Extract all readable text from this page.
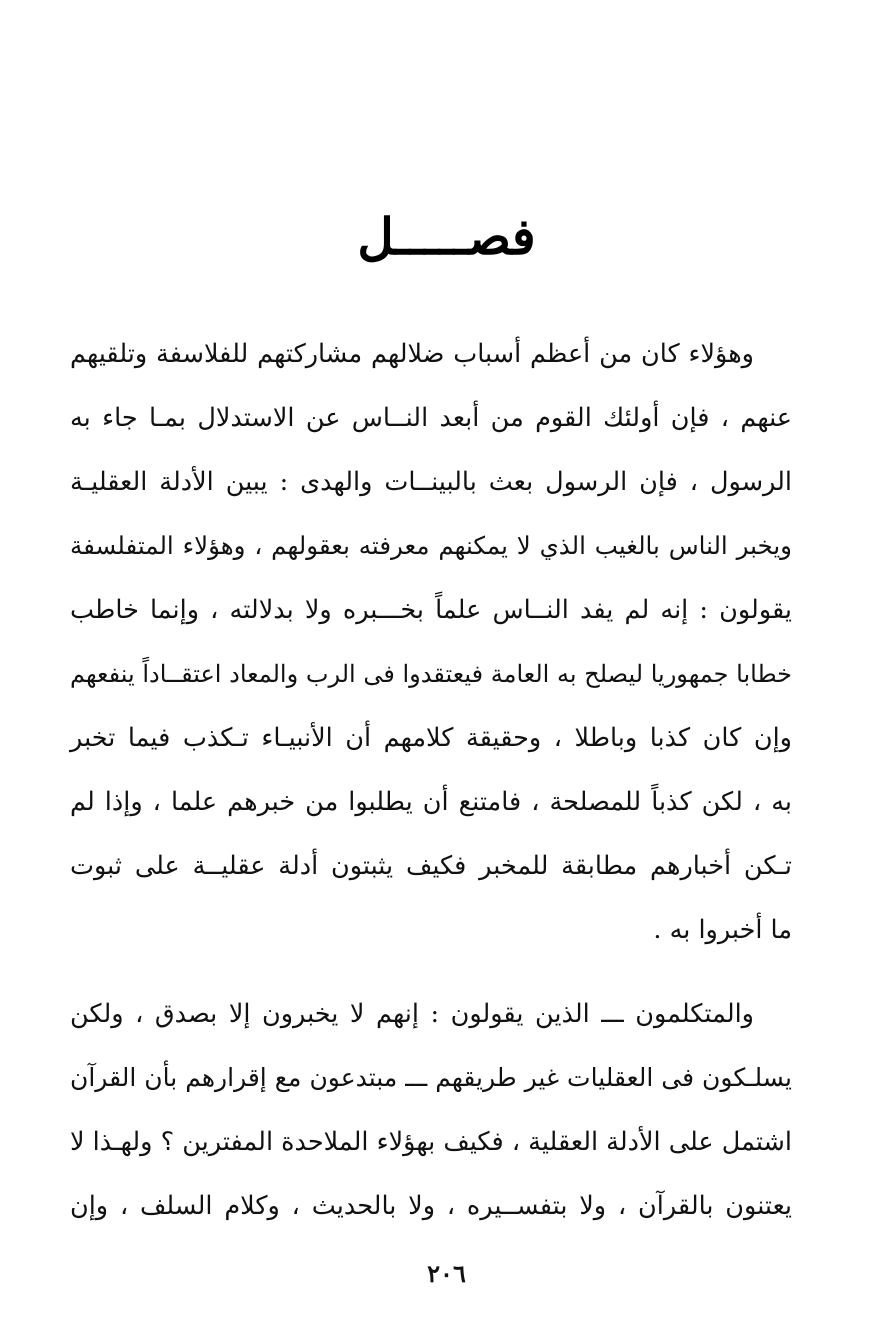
فصـــــل

وهؤلاء كان من أعظم أسباب ضلالهم مشاركتهم للفلاسفة وتلقيهم
عنهم ، فإن أولئك القوم من أبعد النــاس عن الاستدلال بمـا جاء به
الرسول ، فإن الرسول بعث بالبينــات والهدى : يبين الأدلة العقليـة
ويخبر الناس بالغيب الذي لا يمكنهم معرفته بعقولهم ، وهؤلاء المتفلسفة
يقولون : إنه لم يفد النــاس علماً بخـــبره ولا بدلالته ، وإنما خاطب
خطابا جمهوريا ليصلح به العامة فيعتقدوا فى الرب والمعاد اعتقــاداً ينفعهم
وإن كان كذبا وباطلا ، وحقيقة كلامهم أن الأنبيـاء تـكذب فيما تخبر
به ، لكن كذباً للمصلحة ، فامتنع أن يطلبوا من خبرهم علما ، وإذا لم
تـكن أخبارهم مطابقة للمخبر فكيف يثبتون أدلة عقليــة على ثبوت
ما أخبروا به .

والمتكلمون ـــ الذين يقولون : إنهم لا يخبرون إلا بصدق ، ولكن
يسلـكون فى العقليات غير طريقهم ـــ مبتدعون مع إقرارهم بأن القرآن
اشتمل على الأدلة العقلية ، فكيف بهؤلاء الملاحدة المفترين ؟ ولهـذا لا
يعتنون بالقرآن ، ولا بتفســيره ، ولا بالحديث ، وكلام السلف ، وإن

٢٠٦
